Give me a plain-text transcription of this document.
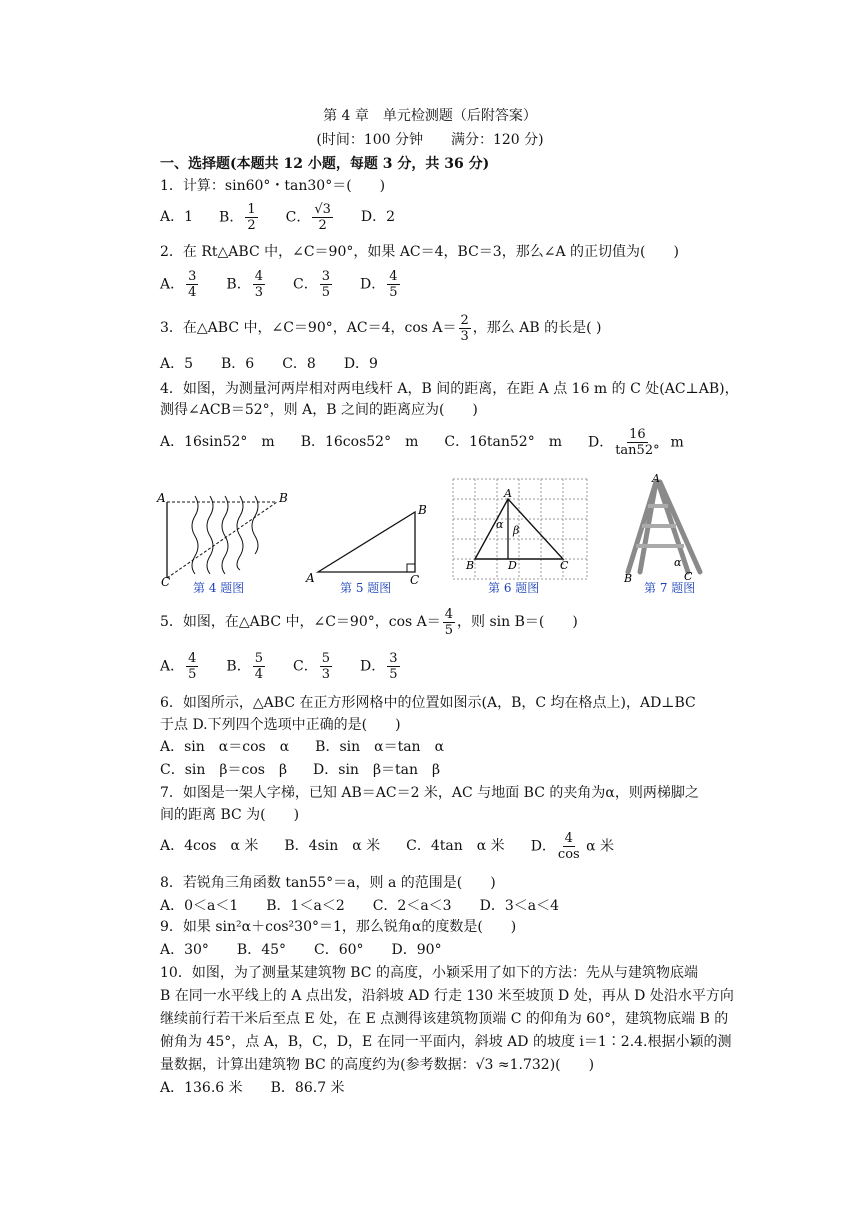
第 4 章　单元检测题（后附答案）
(时间：100 分钟　　满分：120 分)
一、选择题(本题共 12 小题，每题 3 分，共 36 分)
1．计算：sin60°・tan30°＝(　　)
A．1 B． $\frac{1}{2}$ C． $\frac{√3}{2}$ D．2
2．在 Rt△ABC 中，∠C＝90°，如果 AC＝4，BC＝3，那么∠A 的正切值为(　　)
A． $\frac{3}{4}$ B． $\frac{4}{3}$ C． $\frac{3}{5}$ D． $\frac{4}{5}$
3．在△ABC 中，∠C＝90°，AC＝4，$\cos A= \frac{2}{3}$ ，那么 AB 的长是( )
A．5　　B．6　　C．8　　D．9
4．如图，为测量河两岸相对两电线杆 A，B 间的距离，在距 A 点 16 m 的 C 处(AC⊥AB)，
测得∠ACB＝52°，则 A，B 之间的距离应为(　　)
A．16sin52°　m B．16cos52°　m C．16tan52°　m D． $\frac{16}{\tan 52^\circ}$ m
A	B
C 第 4 题图
A
B
C
第 5 题图
A
B	C
D
α β
第 6 题图
A
B	C
α
第 7 题图
5．如图，在△ABC 中，∠C＝90°，$\cos A= \frac{4}{5}$ ，则 sin B＝(　　)
A． $\frac{4}{5}$ B． $\frac{5}{4}$ C． $\frac{5}{3}$ D． $\frac{3}{5}$
6．如图所示，△ABC 在正方形网格中的位置如图示(A，B，C 均在格点上)，AD⊥BC
于点 D.下列四个选项中正确的是(　　)
A．sin　α＝cos　α B．sin　α＝tan　α
C．sin　β＝cos　β D．sin　β＝tan　β
7．如图是一架人字梯，已知 AB＝AC＝2 米，AC 与地面 BC 的夹角为α，则两梯脚之
间的距离 BC 为(　　)
A．4cos　α 米 B．4sin　α 米 C．4tan　α 米 D． $\frac{4}{\cos}$ α 米
8．若锐角三角函数 tan55°＝a，则 a 的范围是(　　)
A．0＜a＜1　　B．1＜a＜2　　C．2＜a＜3　　D．3＜a＜4
9．如果 sin²α＋cos²30°＝1，那么锐角α的度数是(　　)
A．30°　　B．45°　　C．60°　　D．90°
10．如图，为了测量某建筑物 BC 的高度，小颖采用了如下的方法：先从与建筑物底端
B 在同一水平线上的 A 点出发，沿斜坡 AD 行走 130 米至坡顶 D 处，再从 D 处沿水平方向
继续前行若干米后至点 E 处，在 E 点测得该建筑物顶端 C 的仰角为 60°，建筑物底端 B 的
俯角为 45°，点 A，B，C，D，E 在同一平面内，斜坡 AD 的坡度 i＝1∶2.4.根据小颖的测
量数据，计算出建筑物 BC 的高度约为(参考数据：√3 ≈1.732)(　　)
A．136.6 米　　B．86.7 米
